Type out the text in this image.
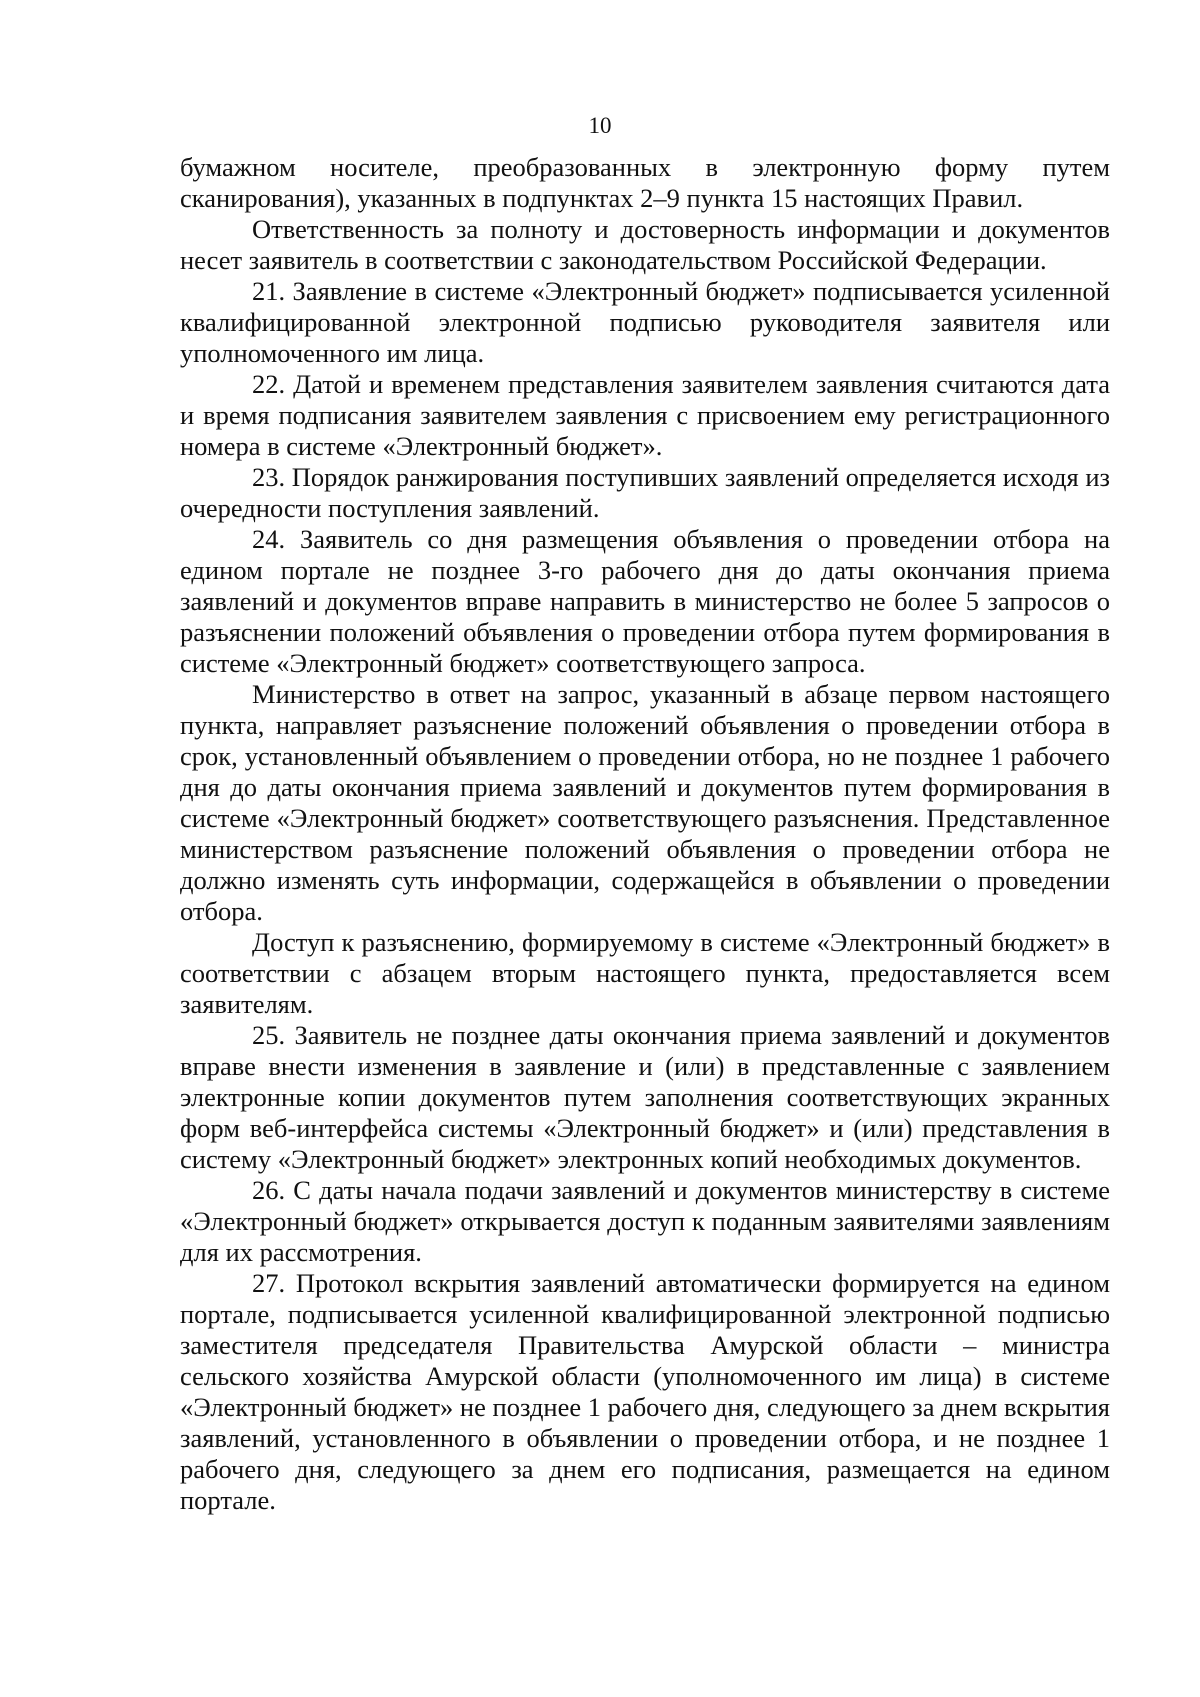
10

бумажном носителе, преобразованных в электронную форму путем сканирования), указанных в подпунктах 2–9 пункта 15 настоящих Правил.

Ответственность за полноту и достоверность информации и документов несет заявитель в соответствии с законодательством Российской Федерации.

21. Заявление в системе «Электронный бюджет» подписывается усиленной квалифицированной электронной подписью руководителя заявителя или уполномоченного им лица.

22. Датой и временем представления заявителем заявления считаются дата и время подписания заявителем заявления с присвоением ему регистрационного номера в системе «Электронный бюджет».

23. Порядок ранжирования поступивших заявлений определяется исходя из очередности поступления заявлений.

24. Заявитель со дня размещения объявления о проведении отбора на едином портале не позднее 3-го рабочего дня до даты окончания приема заявлений и документов вправе направить в министерство не более 5 запросов о разъяснении положений объявления о проведении отбора путем формирования в системе «Электронный бюджет» соответствующего запроса.

Министерство в ответ на запрос, указанный в абзаце первом настоящего пункта, направляет разъяснение положений объявления о проведении отбора в срок, установленный объявлением о проведении отбора, но не позднее 1 рабочего дня до даты окончания приема заявлений и документов путем формирования в системе «Электронный бюджет» соответствующего разъяснения. Представленное министерством разъяснение положений объявления о проведении отбора не должно изменять суть информации, содержащейся в объявлении о проведении отбора.

Доступ к разъяснению, формируемому в системе «Электронный бюджет» в соответствии с абзацем вторым настоящего пункта, предоставляется всем заявителям.

25. Заявитель не позднее даты окончания приема заявлений и документов вправе внести изменения в заявление и (или) в представленные с заявлением электронные копии документов путем заполнения соответствующих экранных форм веб-интерфейса системы «Электронный бюджет» и (или) представления в систему «Электронный бюджет» электронных копий необходимых документов.

26. С даты начала подачи заявлений и документов министерству в системе «Электронный бюджет» открывается доступ к поданным заявителями заявлениям для их рассмотрения.

27. Протокол вскрытия заявлений автоматически формируется на едином портале, подписывается усиленной квалифицированной электронной подписью заместителя председателя Правительства Амурской области – министра сельского хозяйства Амурской области (уполномоченного им лица) в системе «Электронный бюджет» не позднее 1 рабочего дня, следующего за днем вскрытия заявлений, установленного в объявлении о проведении отбора, и не позднее 1 рабочего дня, следующего за днем его подписания, размещается на едином портале.
